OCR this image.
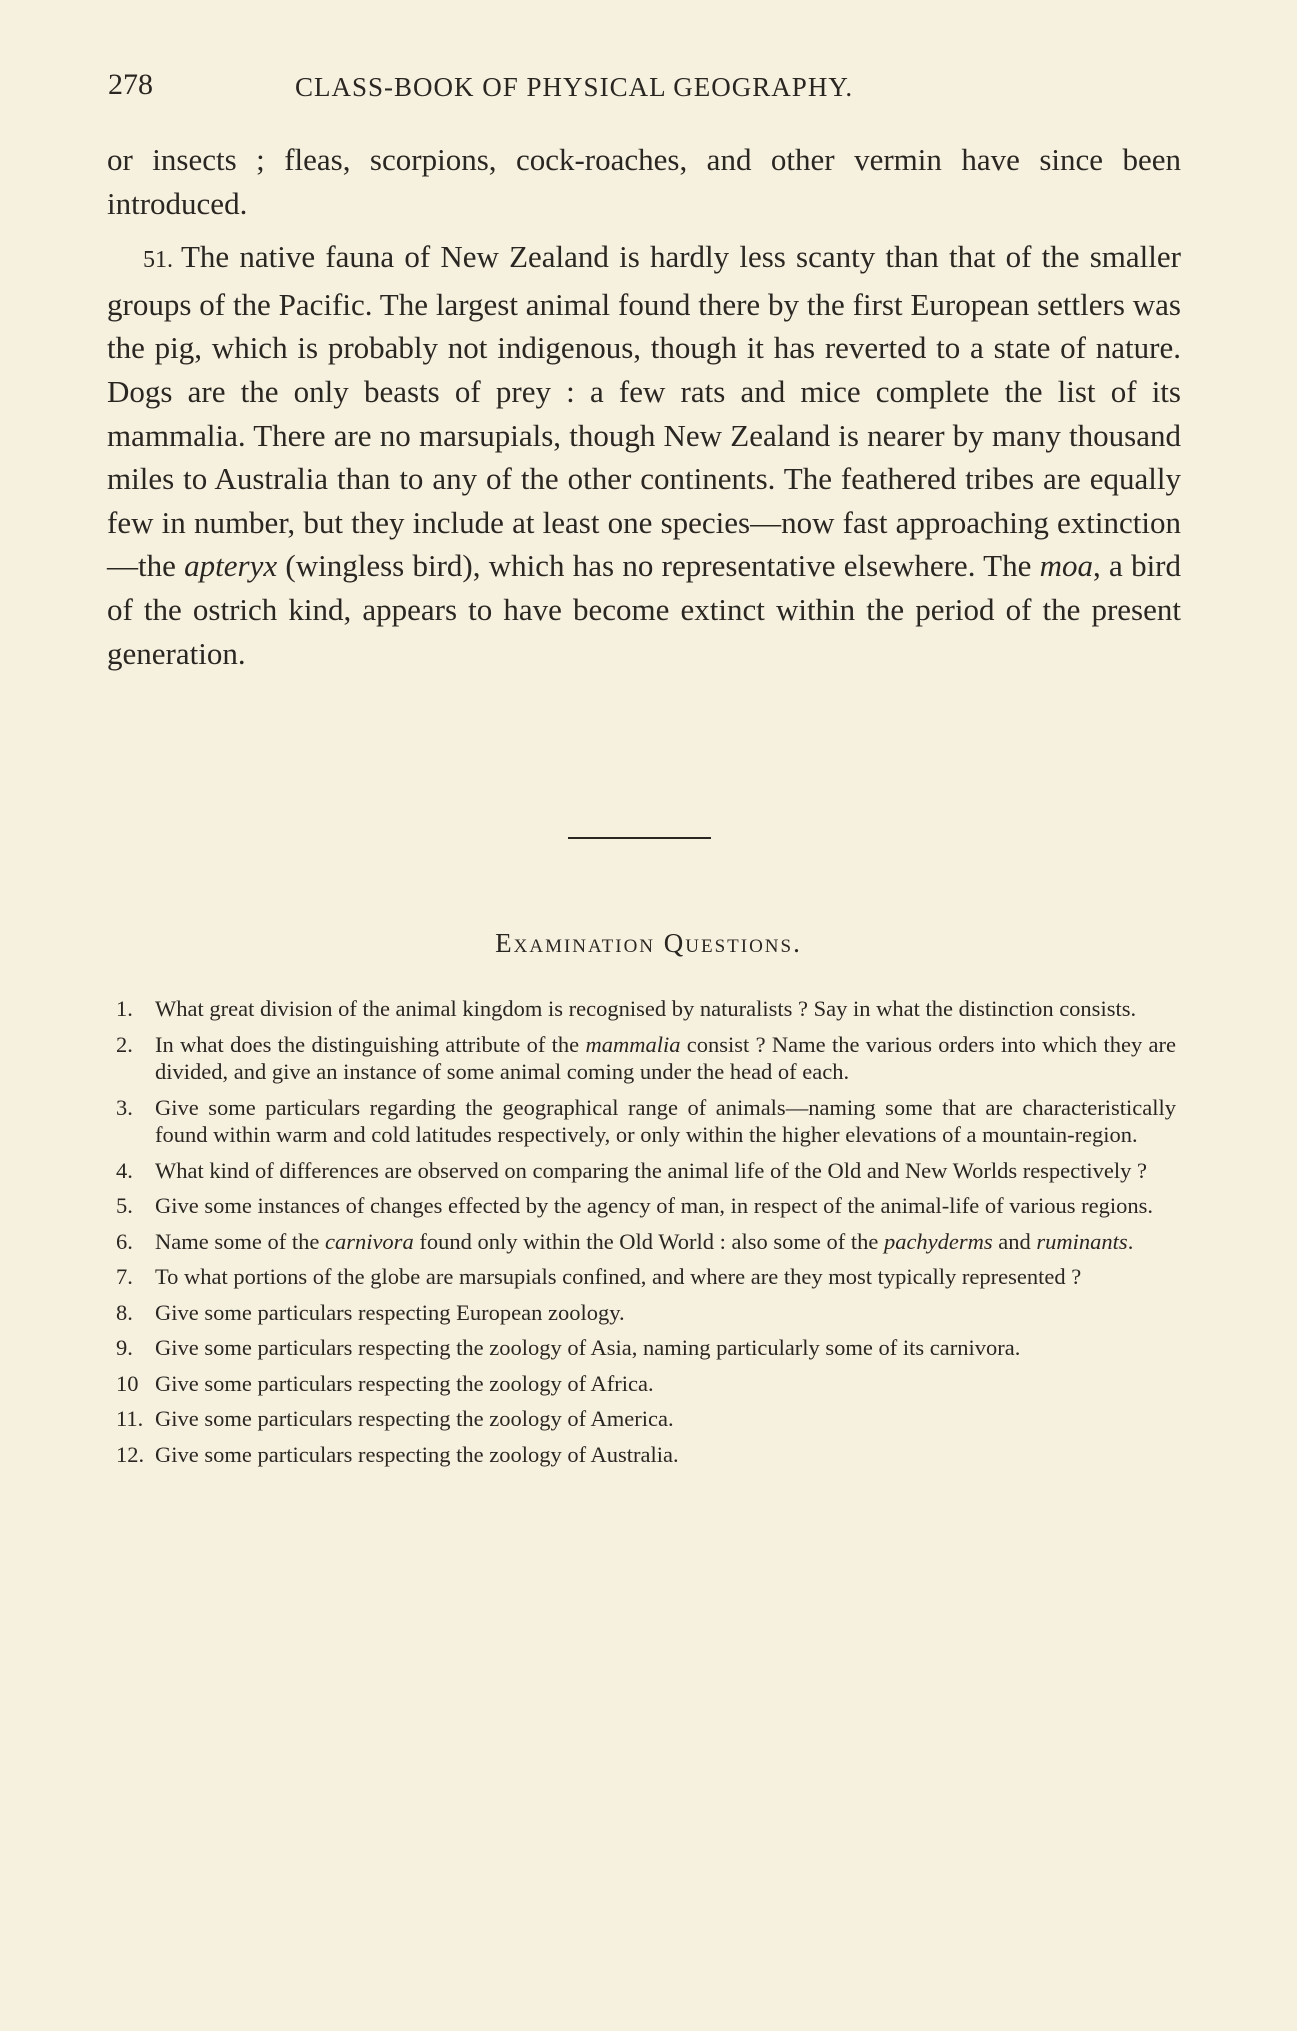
278	CLASS-BOOK OF PHYSICAL GEOGRAPHY.

or insects ; fleas, scorpions, cock-roaches, and other vermin have since been introduced.

51. The native fauna of New Zealand is hardly less scanty than that of the smaller groups of the Pacific. The largest animal found there by the first European settlers was the pig, which is probably not indigenous, though it has reverted to a state of nature. Dogs are the only beasts of prey : a few rats and mice complete the list of its mammalia. There are no marsupials, though New Zealand is nearer by many thousand miles to Australia than to any of the other continents. The feathered tribes are equally few in number, but they include at least one species—now fast approaching extinction—the apteryx (wingless bird), which has no representative elsewhere. The moa, a bird of the ostrich kind, appears to have become extinct within the period of the present generation.

Examination Questions.
1. What great division of the animal kingdom is recognised by naturalists ? Say in what the distinction consists.
2. In what does the distinguishing attribute of the mammalia consist ? Name the various orders into which they are divided, and give an instance of some animal coming under the head of each.
3. Give some particulars regarding the geographical range of animals—naming some that are characteristically found within warm and cold latitudes respectively, or only within the higher elevations of a mountain-region.
4. What kind of differences are observed on comparing the animal life of the Old and New Worlds respectively ?
5. Give some instances of changes effected by the agency of man, in respect of the animal-life of various regions.
6. Name some of the carnivora found only within the Old World : also some of the pachyderms and ruminants.
7. To what portions of the globe are marsupials confined, and where are they most typically represented ?
8. Give some particulars respecting European zoology.
9. Give some particulars respecting the zoology of Asia, naming particularly some of its carnivora.
10 Give some particulars respecting the zoology of Africa.
11. Give some particulars respecting the zoology of America.
12. Give some particulars respecting the zoology of Australia.
